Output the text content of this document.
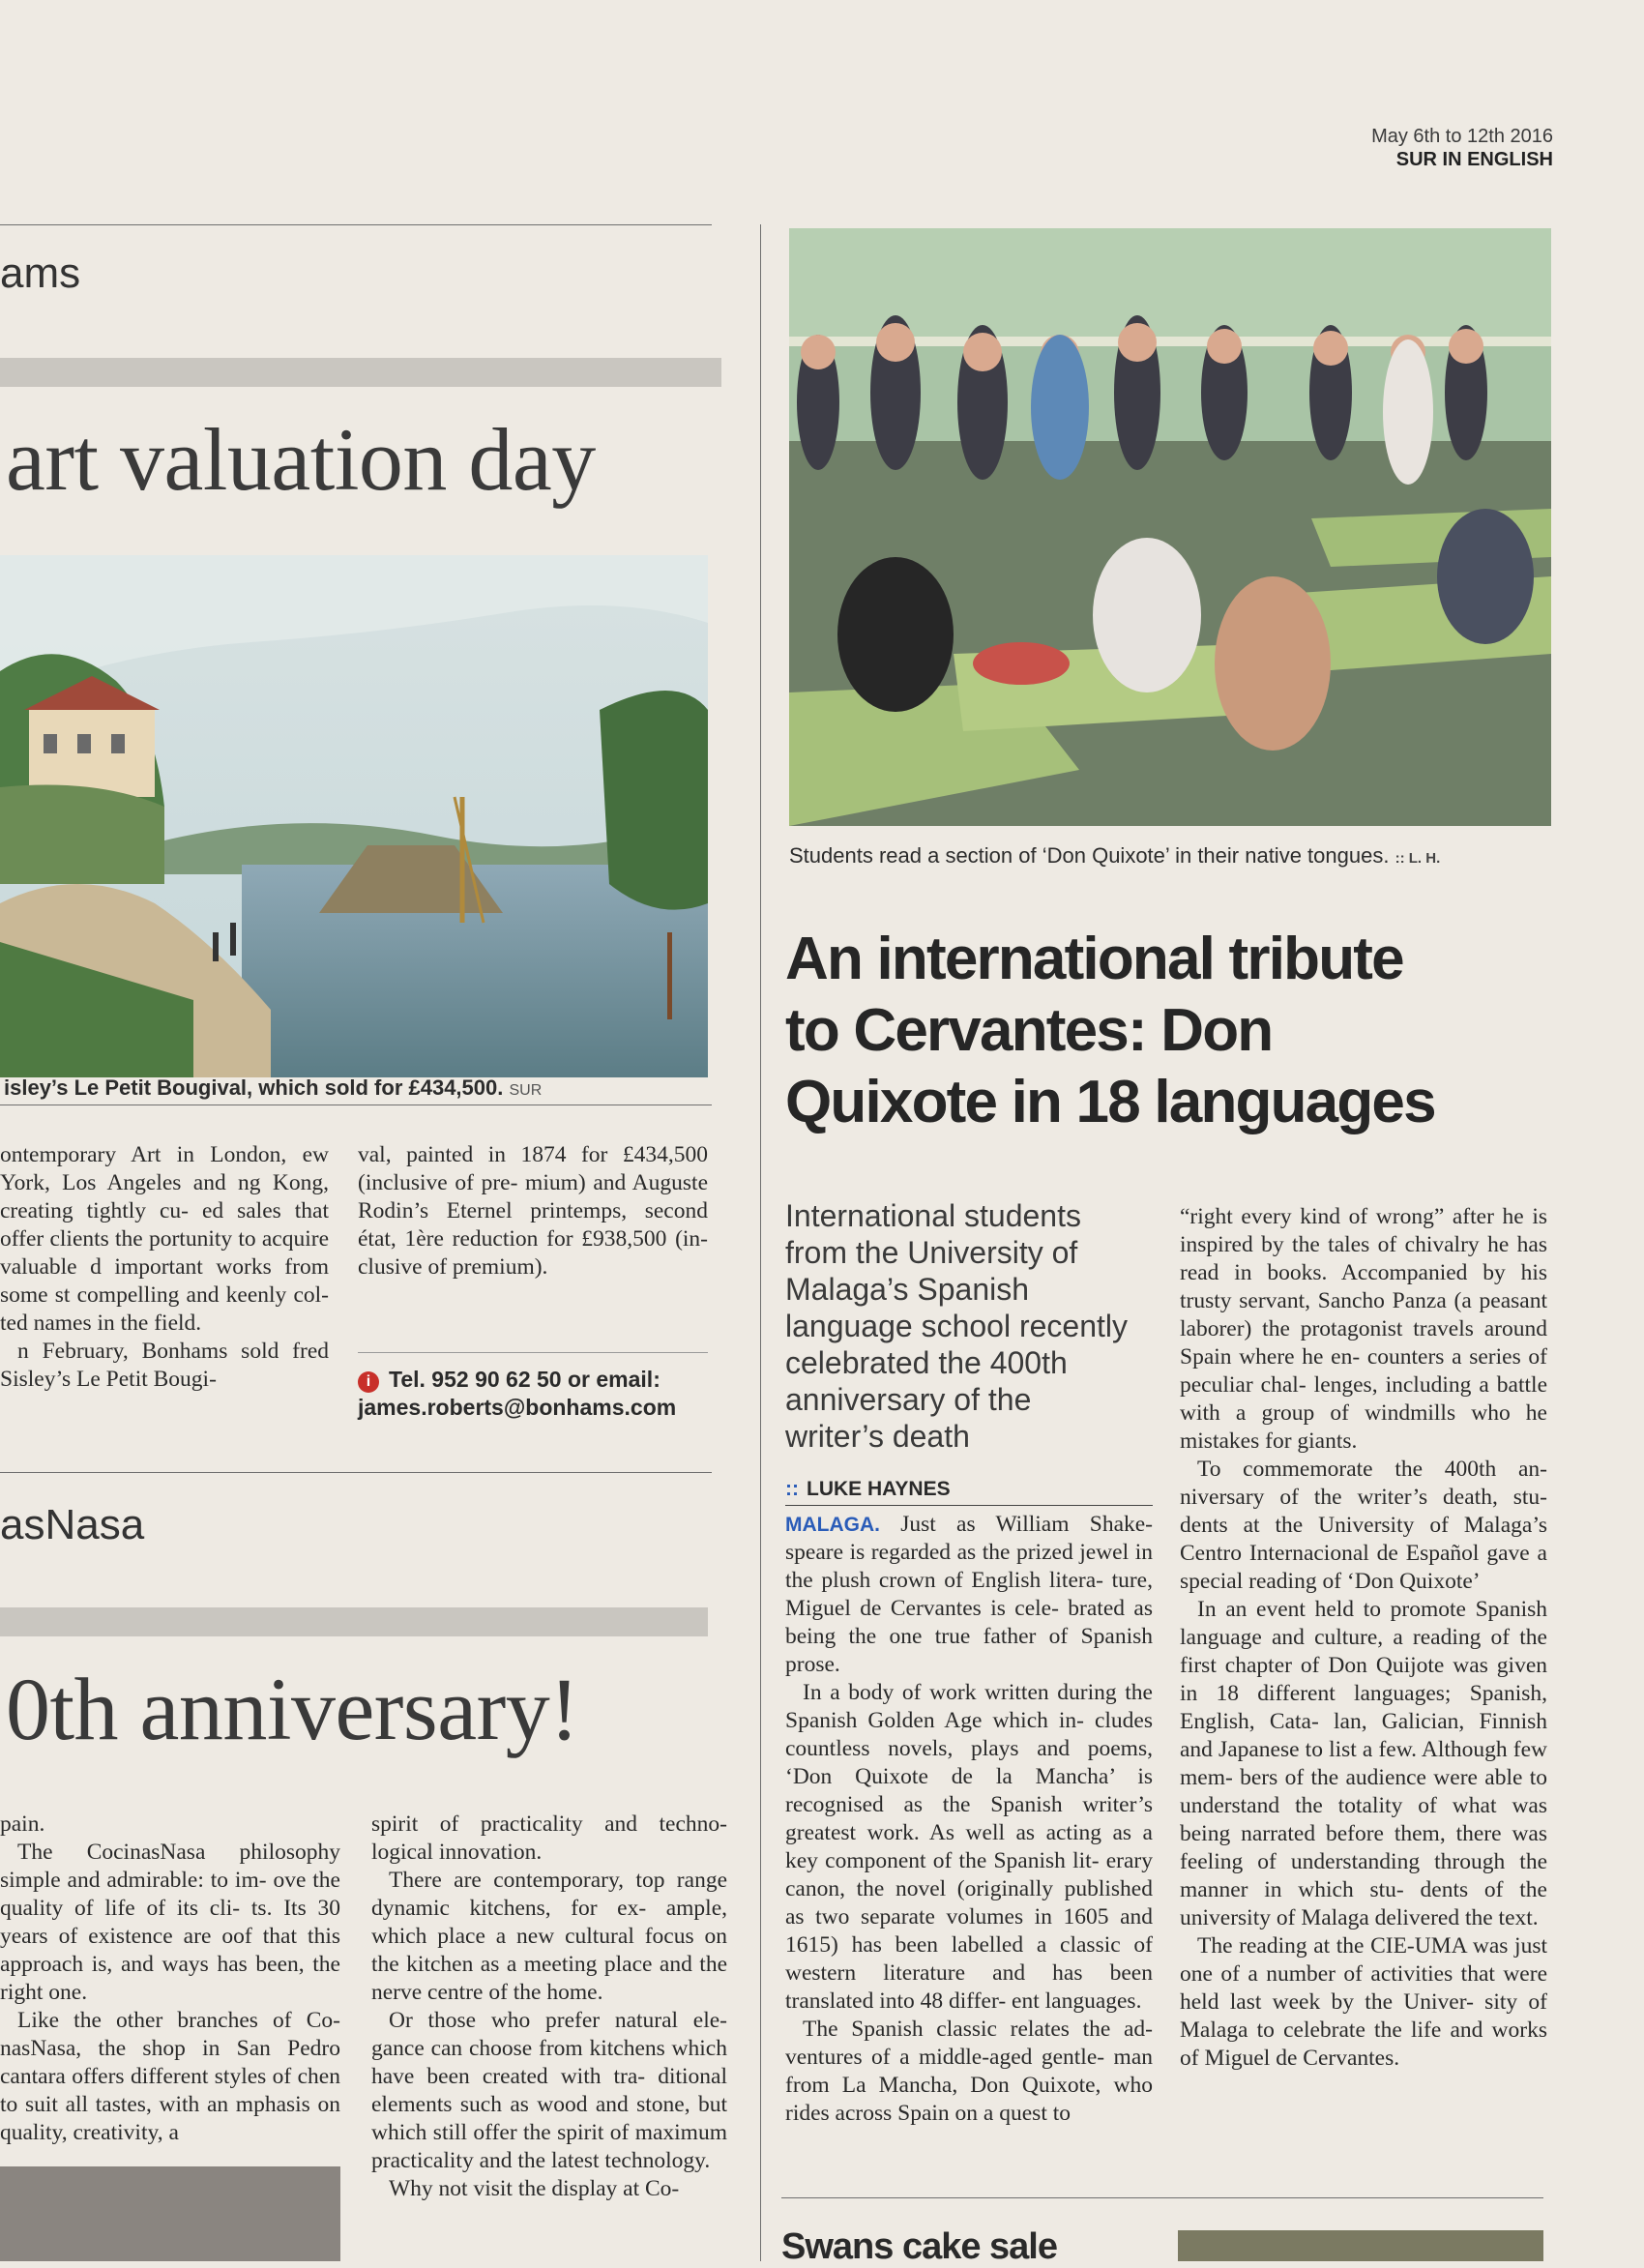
May 6th to 12th 2016
SUR IN ENGLISH
ams
art valuation day
isley’s Le Petit Bougival, which sold for £434,500. SUR

ontemporary Art in London, ew York, Los Angeles and ng Kong, creating tightly cu- ed sales that offer clients the portunity to acquire valuable d important works from some st compelling and keenly col- ted names in the field.

n February, Bonhams sold fred Sisley’s Le Petit Bougi-

val, painted in 1874 for £434,500 (inclusive of pre- mium) and Auguste Rodin’s Eternel printemps, second état, 1ère reduction for £938,500 (in- clusive of premium).

i Tel. 952 90 62 50 or email:
james.roberts@bonhams.com
asNasa
0th anniversary!

pain.

The CocinasNasa philosophy simple and admirable: to im- ove the quality of life of its cli- ts. Its 30 years of existence are oof that this approach is, and ways has been, the right one.

Like the other branches of Co- nasNasa, the shop in San Pedro cantara offers different styles of chen to suit all tastes, with an mphasis on quality, creativity, a

spirit of practicality and techno- logical innovation.

There are contemporary, top range dynamic kitchens, for ex- ample, which place a new cultural focus on the kitchen as a meeting place and the nerve centre of the home.

Or those who prefer natural ele- gance can choose from kitchens which have been created with tra- ditional elements such as wood and stone, but which still offer the spirit of maximum practicality and the latest technology.

Why not visit the display at Co-

Students read a section of ‘Don Quixote’ in their native tongues. :: L. H.
An international tribute
to Cervantes: Don
Quixote in 18 languages
International students from the University of Malaga’s Spanish language school recently celebrated the 400th anniversary of the writer’s death
:: LUKE HAYNES

MALAGA. Just as William Shake- speare is regarded as the prized jewel in the plush crown of English litera- ture, Miguel de Cervantes is cele- brated as being the one true father of Spanish prose.

In a body of work written during the Spanish Golden Age which in- cludes countless novels, plays and poems, ‘Don Quixote de la Mancha’ is recognised as the Spanish writer’s greatest work. As well as acting as a key component of the Spanish lit- erary canon, the novel (originally published as two separate volumes in 1605 and 1615) has been labelled a classic of western literature and has been translated into 48 differ- ent languages.

The Spanish classic relates the ad- ventures of a middle-aged gentle- man from La Mancha, Don Quixote, who rides across Spain on a quest to

“right every kind of wrong” after he is inspired by the tales of chivalry he has read in books. Accompanied by his trusty servant, Sancho Panza (a peasant laborer) the protagonist travels around Spain where he en- counters a series of peculiar chal- lenges, including a battle with a group of windmills who he mistakes for giants.

To commemorate the 400th an- niversary of the writer’s death, stu- dents at the University of Malaga’s Centro Internacional de Español gave a special reading of ‘Don Quixote’

In an event held to promote Spanish language and culture, a reading of the first chapter of Don Quijote was given in 18 different languages; Spanish, English, Cata- lan, Galician, Finnish and Japanese to list a few. Although few mem- bers of the audience were able to understand the totality of what was being narrated before them, there was feeling of understanding through the manner in which stu- dents of the university of Malaga delivered the text.

The reading at the CIE-UMA was just one of a number of activities that were held last week by the Univer- sity of Malaga to celebrate the life and works of Miguel de Cervantes.

Swans cake sale
